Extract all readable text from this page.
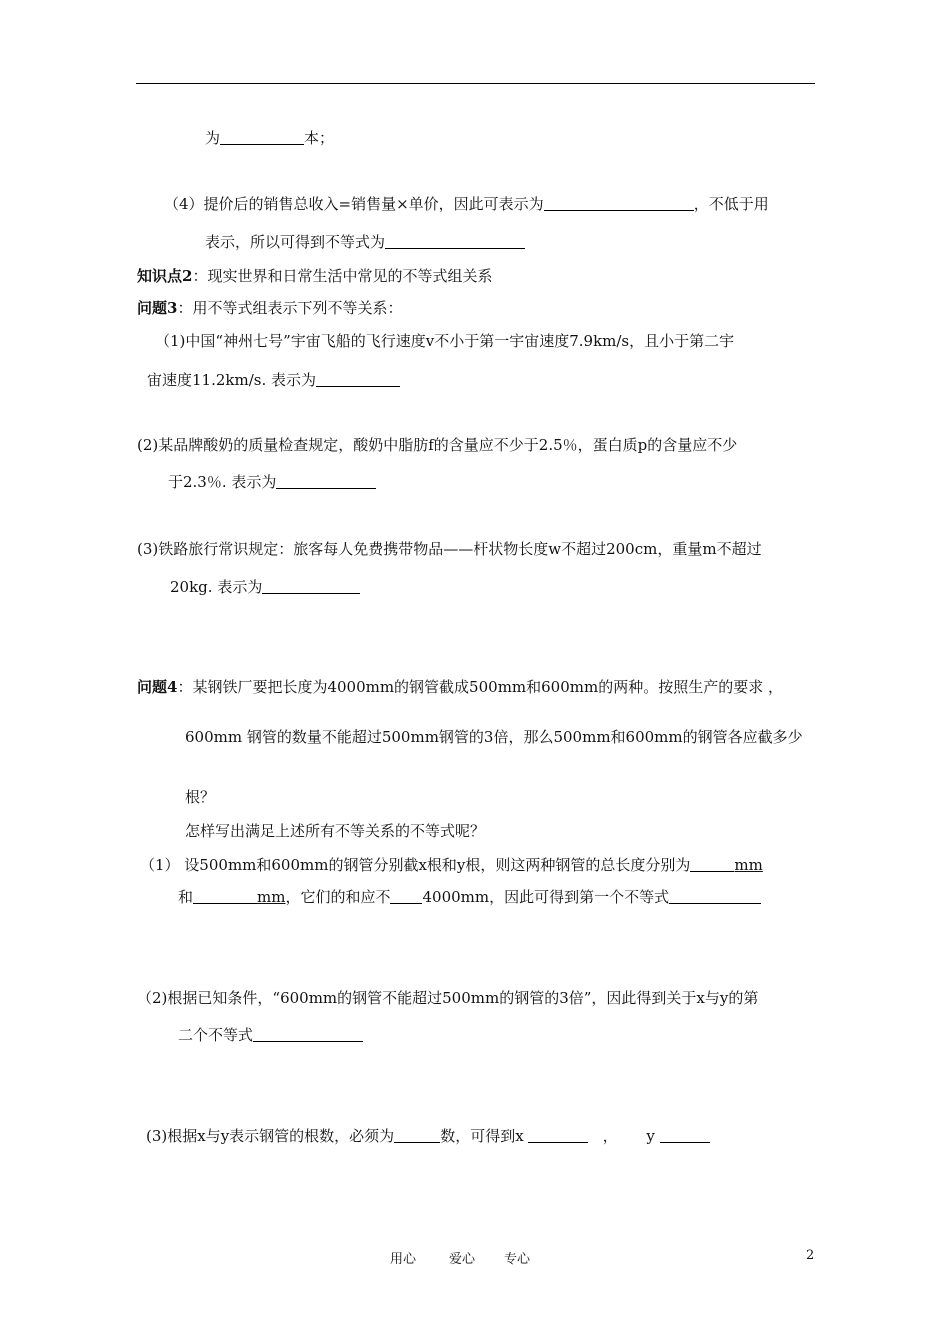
为	本；
（4）提价后的销售总收入=销售量×单价，因此可表示为	，不低于用
表示，所以可得到不等式为
知识点2：现实世界和日常生活中常见的不等式组关系
问题3：用不等式组表示下列不等关系：
（1)中国“神州七号”宇宙飞船的飞行速度v不小于第一宇宙速度7.9km/s，且小于第二宇
宙速度11.2km/s. 表示为
(2)某品牌酸奶的质量检查规定，酸奶中脂肪f的含量应不少于2.5％，蛋白质p的含量应不少
于2.3％. 表示为
(3)铁路旅行常识规定：旅客每人免费携带物品——杆状物长度w不超过200cm，重量m不超过
20kg. 表示为
问题4：某钢铁厂要把长度为4000mm的钢管截成500mm和600mm的两种。按照生产的要求 ，
600mm 钢管的数量不能超过500mm钢管的3倍，那么500mm和600mm的钢管各应截多少
根？
怎样写出满足上述所有不等关系的不等式呢？
（1） 设500mm和600mm的钢管分别截x根和y根，则这两种钢管的总长度分别为	mm
和	mm，它们的和应不 4000mm，因此可得到第一个不等式
（2)根据已知条件，“600mm的钢管不能超过500mm的钢管的3倍”，因此得到关于x与y的第
二个不等式
(3)根据x与y表示钢管的根数，必须为	数，可得到x	， y
用心	爱心 专心	2
